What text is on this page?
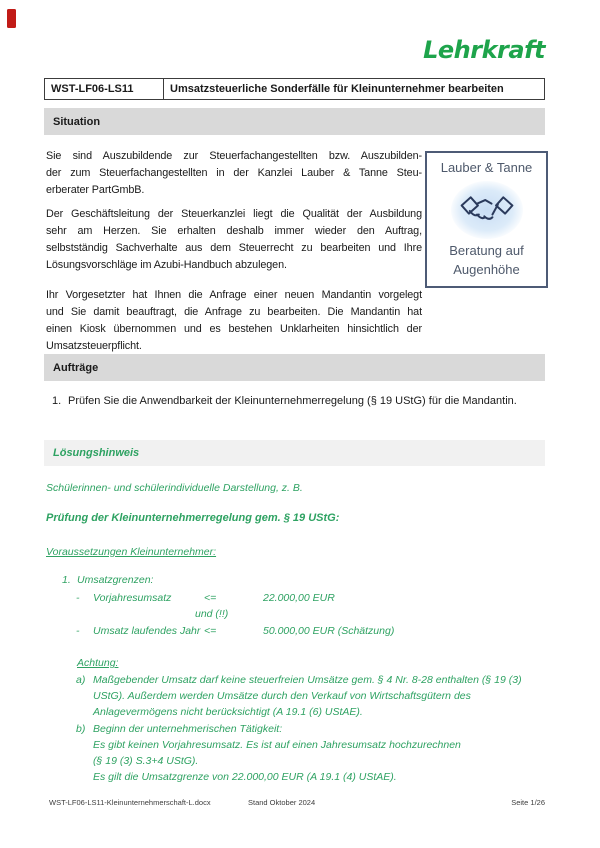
Lehrkraft
WST-LF06-LS11	Umsatzsteuerliche Sonderfälle für Kleinunternehmer bearbeiten
Situation

Sie sind Auszubildende zur Steuerfachangestellten bzw. Auszubilden-
der zum Steuerfachangestellten in der Kanzlei Lauber & Tanne Steu-
erberater PartGmbB.

Der Geschäftsleitung der Steuerkanzlei liegt die Qualität der Ausbildung
sehr am Herzen. Sie erhalten deshalb immer wieder den Auftrag,
selbstständig Sachverhalte aus dem Steuerrecht zu bearbeiten und Ihre
Lösungsvorschläge im Azubi-Handbuch abzulegen.

Ihr Vorgesetzter hat Ihnen die Anfrage einer neuen Mandantin vorgelegt
und Sie damit beauftragt, die Anfrage zu bearbeiten. Die Mandantin hat
einen Kiosk übernommen und es bestehen Unklarheiten hinsichtlich der
Umsatzsteuerpflicht.

Lauber & Tanne
Beratung auf
Augenhöhe
Aufträge
1. Prüfen Sie die Anwendbarkeit der Kleinunternehmerregelung (§ 19 UStG) für die Mandantin.
Lösungshinweis
Schülerinnen- und schülerindividuelle Darstellung, z. B.
Prüfung der Kleinunternehmerregelung gem. § 19 UStG:
Voraussetzungen Kleinunternehmer:
1. Umsatzgrenzen:
- Vorjahresumsatz	<=	22.000,00 EUR
und (!!)
- Umsatz laufendes Jahr <=	50.000,00 EUR (Schätzung)
Achtung:
a) Maßgebender Umsatz darf keine steuerfreien Umsätze gem. § 4 Nr. 8-28 enthalten (§ 19 (3)
UStG). Außerdem werden Umsätze durch den Verkauf von Wirtschaftsgütern des
Anlagevermögens nicht berücksichtigt (A 19.1 (6) UStAE).
b) Beginn der unternehmerischen Tätigkeit:
Es gibt keinen Vorjahresumsatz. Es ist auf einen Jahresumsatz hochzurechnen
(§ 19 (3) S.3+4 UStG).
Es gilt die Umsatzgrenze von 22.000,00 EUR (A 19.1 (4) UStAE).
WST-LF06-LS11-Kleinunternehmerschaft-L.docx	Stand Oktober 2024	Seite 1/26
